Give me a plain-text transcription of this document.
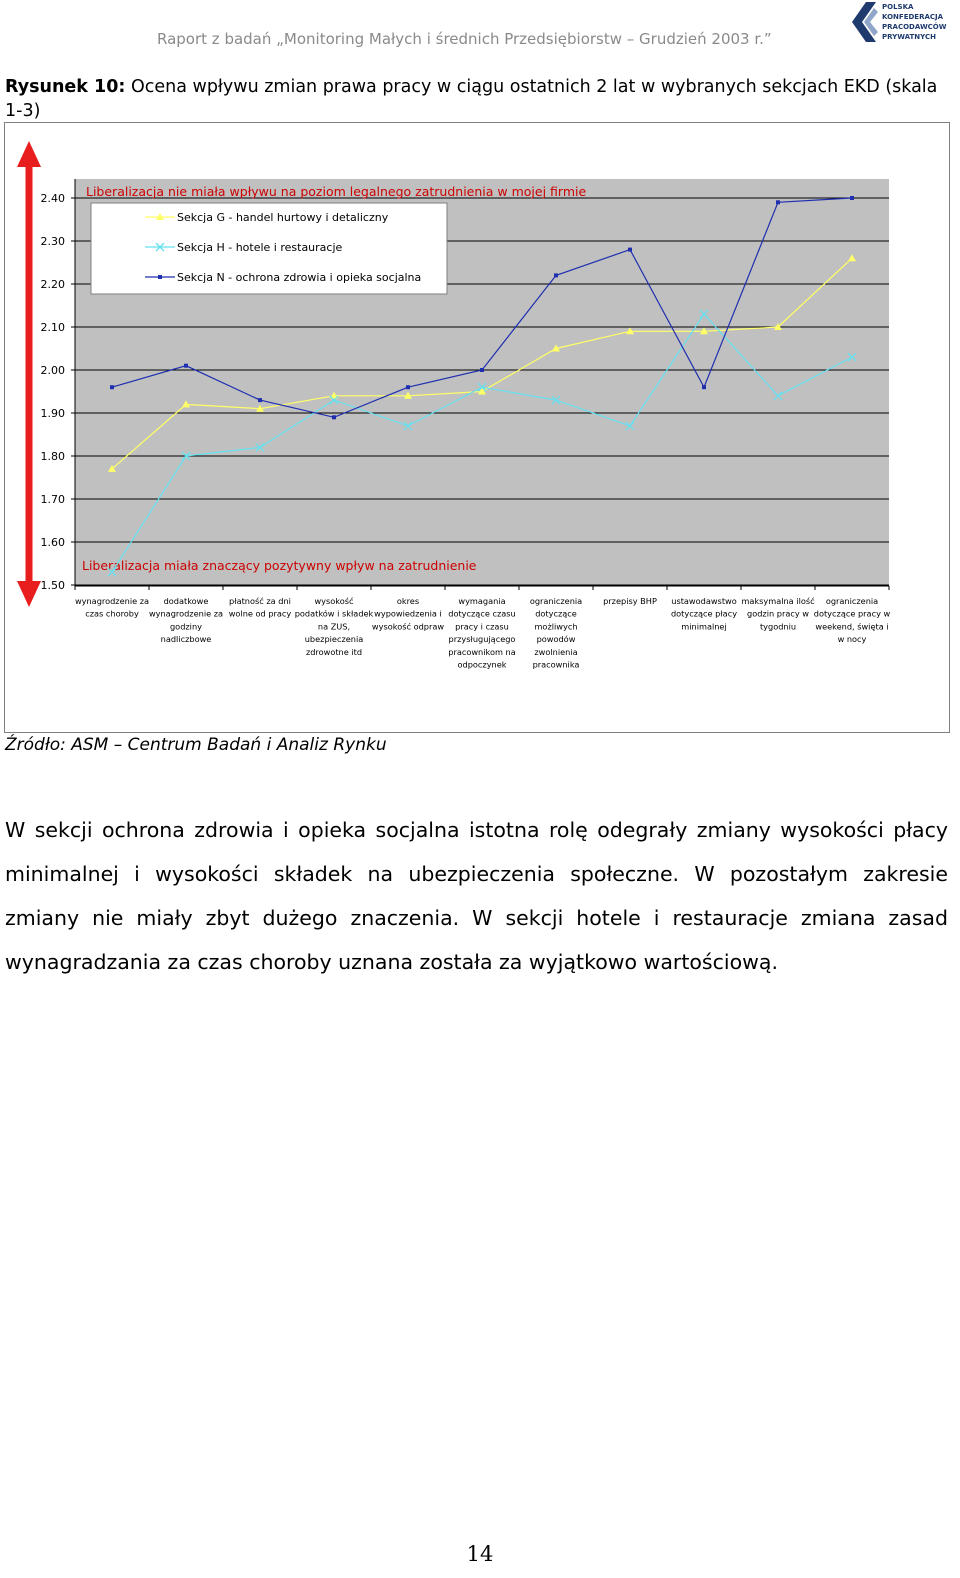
Raport z badań „Monitoring Małych i średnich Przedsiębiorstw – Grudzień 2003 r.”
POLSKA
KONFEDERACJA
PRACODAWCÓW
PRYWATNYCH
Rysunek 10: Ocena wpływu zmian prawa pracy w ciągu ostatnich 2 lat w wybranych sekcjach EKD (skala 1-3)
1.50
1.60
1.70
1.80
1.90
2.00
2.10
2.20
2.30
2.40 Liberalizacja nie miała wpływu na poziom legalnego zatrudnienia w mojej firmie
Liberalizacja miała znaczący pozytywny wpływ na zatrudnienie
wynagrodzenie za
czas choroby
dodatkowe
wynagrodzenie za
godziny
nadliczbowe
płatność za dni
wolne od pracy
wysokość
podatków i składek
na ZUS,
ubezpieczenia
zdrowotne itd
okres
wypowiedzenia i
wysokość odpraw
wymagania
dotyczące czasu
pracy i czasu
przysługującego
pracownikom na
odpoczynek
ograniczenia
dotyczące
możliwych
powodów
zwolnienia
pracownika
przepisy BHP ustawodawstwo
dotyczące płacy
minimalnej
maksymalna ilość
godzin pracy w
tygodniu
ograniczenia
dotyczące pracy w
weekend, święta i
w nocy
Sekcja G - handel hurtowy i detaliczny
Sekcja H - hotele i restauracje
Sekcja N - ochrona zdrowia i opieka socjalna
Źródło: ASM – Centrum Badań i Analiz Rynku
W sekcji ochrona zdrowia i opieka socjalna istotna rolę odegrały zmiany wysokości płacy minimalnej i wysokości składek na ubezpieczenia społeczne. W pozostałym zakresie zmiany nie miały zbyt dużego znaczenia. W sekcji hotele i restauracje zmiana zasad wynagradzania za czas choroby uznana została za wyjątkowo wartościową.
14
